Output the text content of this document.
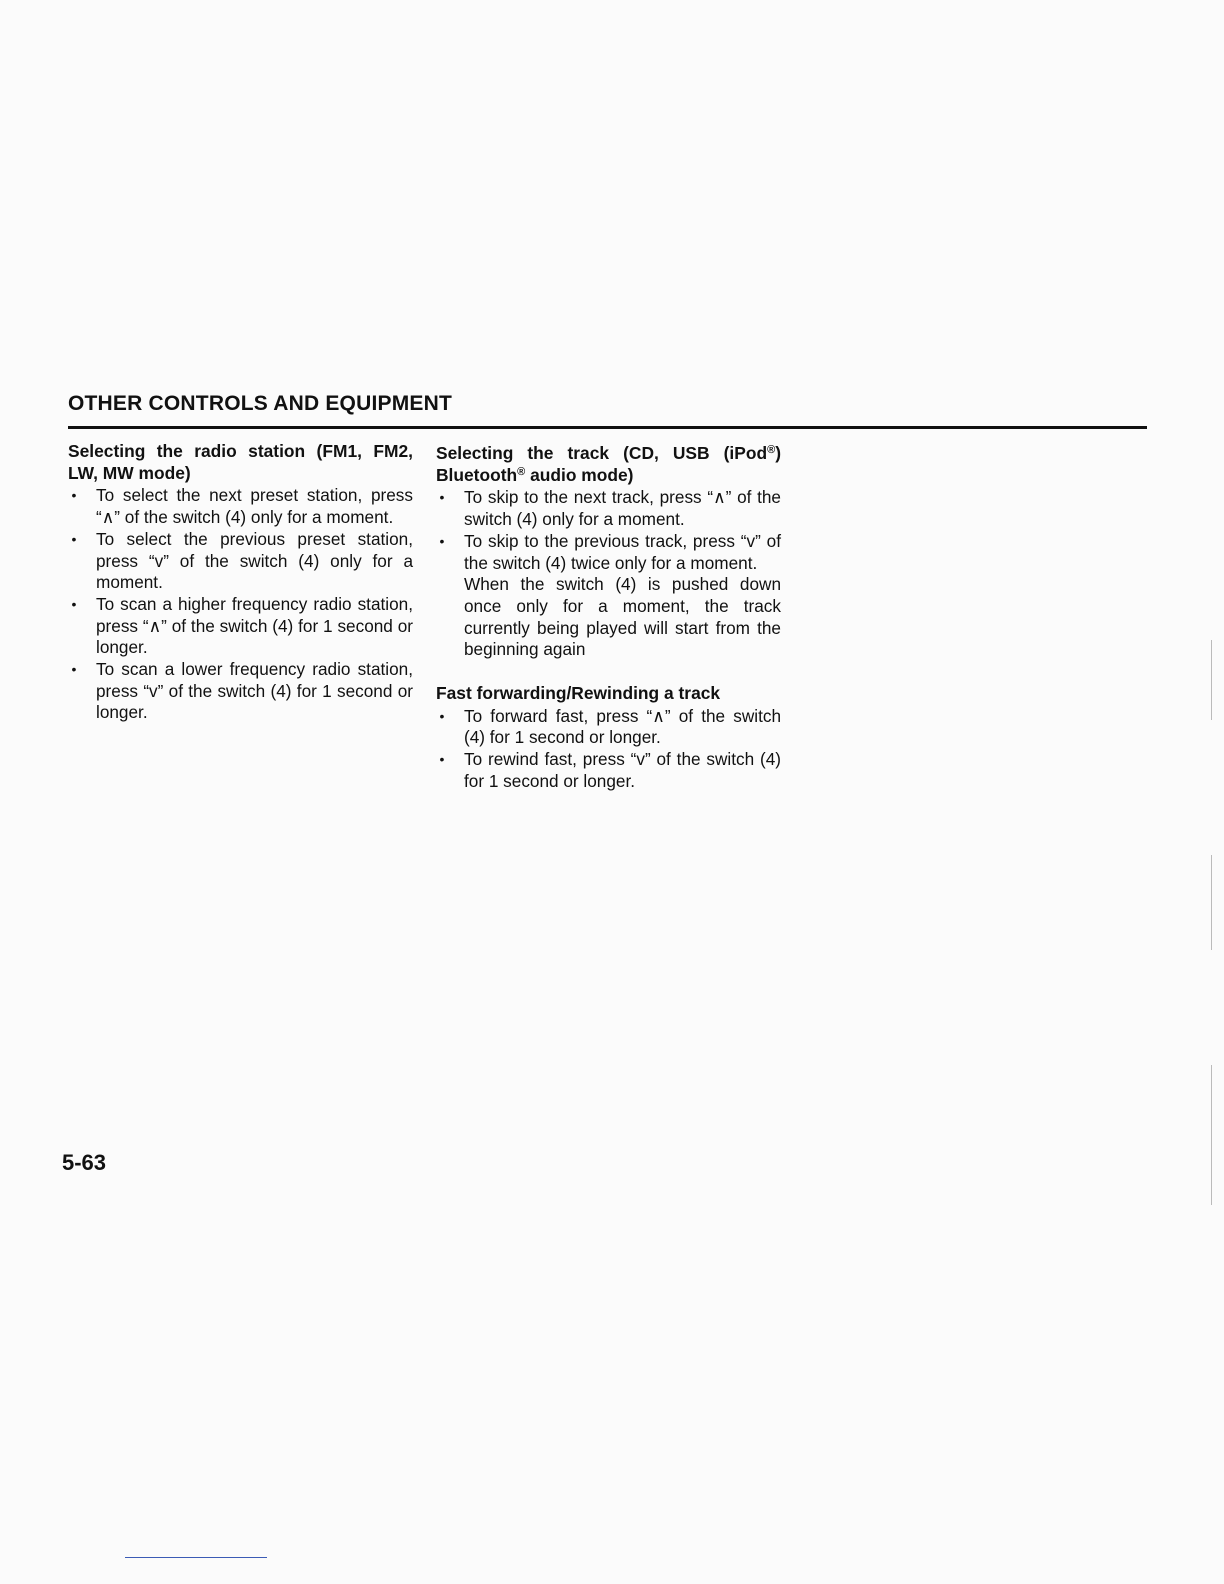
OTHER CONTROLS AND EQUIPMENT

Selecting the radio station (FM1, FM2, LW, MW mode)

• To select the next preset station, press “∧” of the switch (4) only for a moment.
• To select the previous preset station, press “v” of the switch (4) only for a moment.
• To scan a higher frequency radio station, press “∧” of the switch (4) for 1 second or longer.
• To scan a lower frequency radio station, press “v” of the switch (4) for 1 second or longer.

Selecting the track (CD, USB (iPod®) Bluetooth® audio mode)

• To skip to the next track, press “∧” of the switch (4) only for a moment.
• To skip to the previous track, press “v” of the switch (4) twice only for a moment.
When the switch (4) is pushed down once only for a moment, the track currently being played will start from the beginning again

Fast forwarding/Rewinding a track

• To forward fast, press “∧” of the switch (4) for 1 second or longer.
• To rewind fast, press “v” of the switch (4) for 1 second or longer.
5-63
